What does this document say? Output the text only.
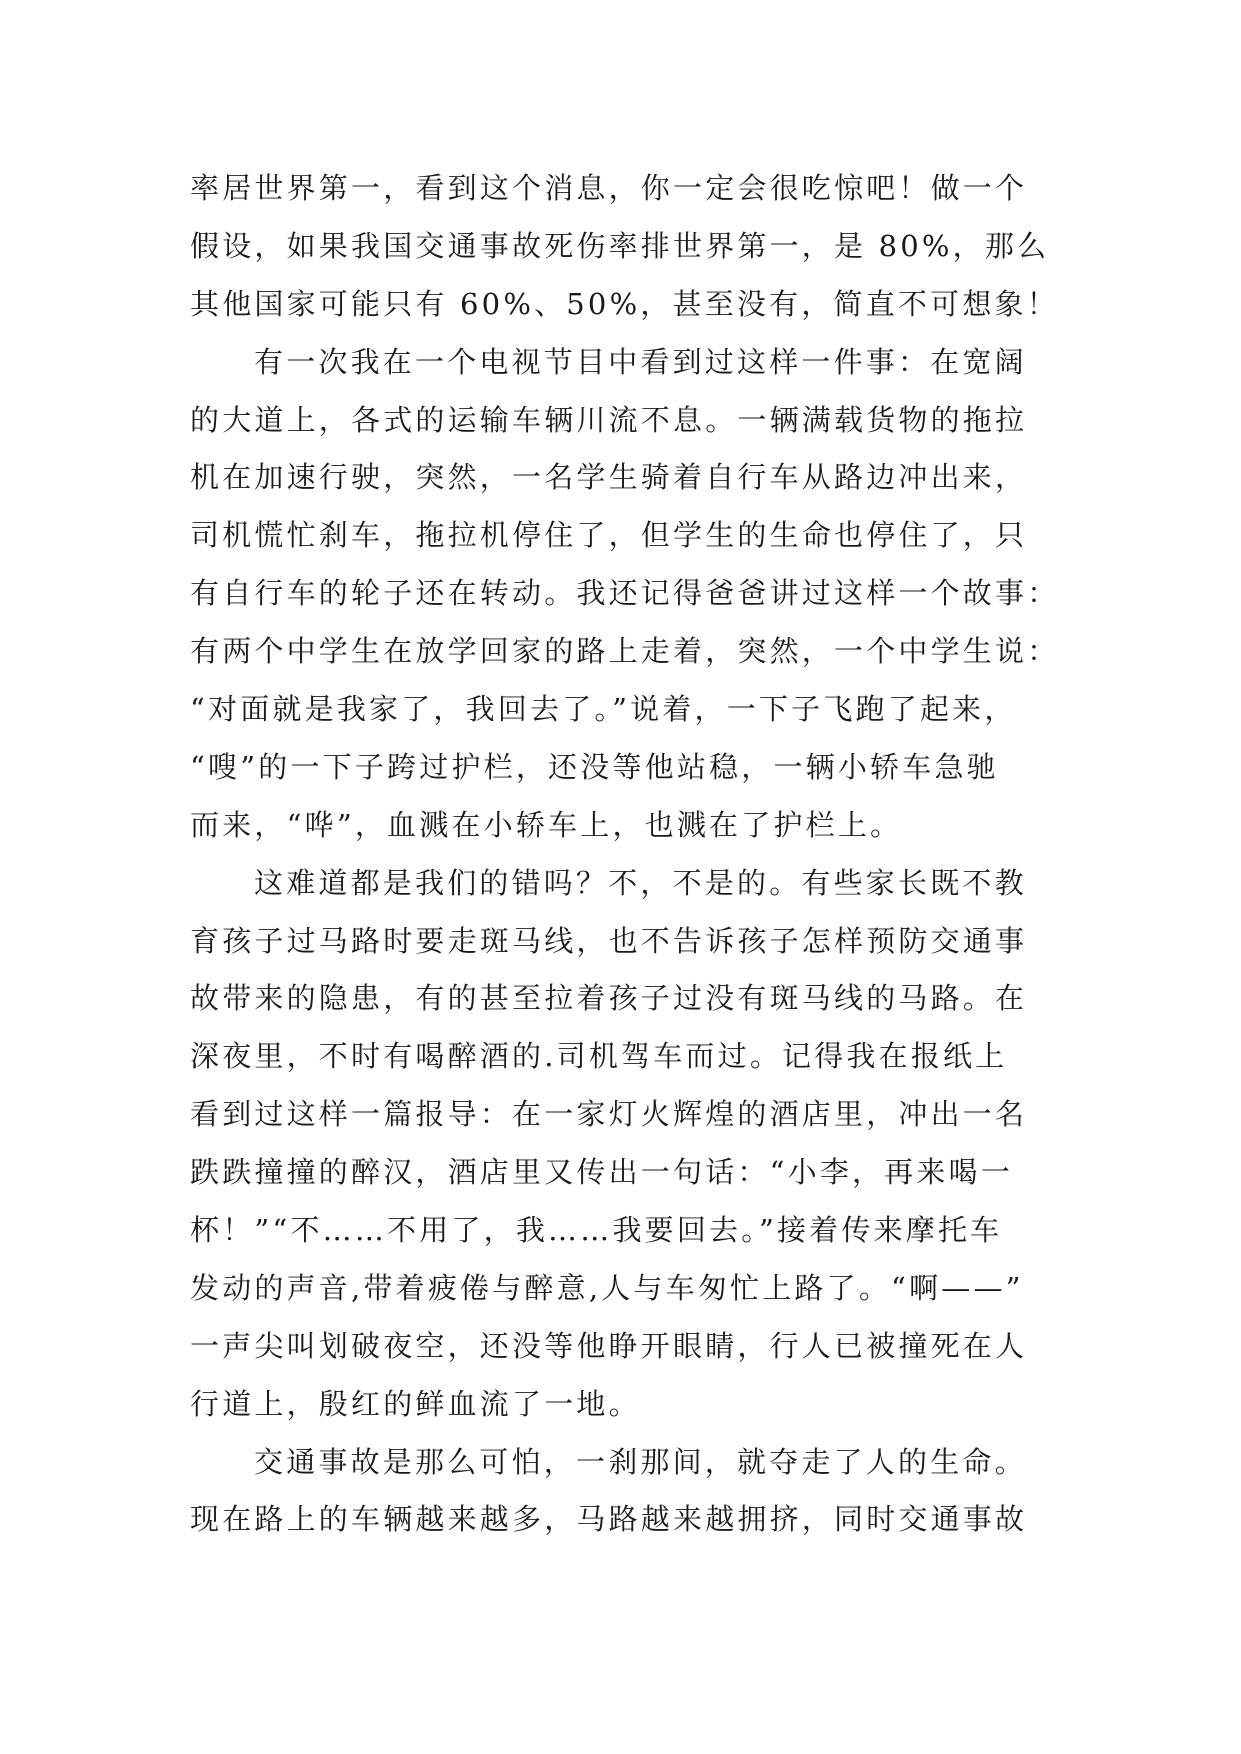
率居世界第一，看到这个消息，你一定会很吃惊吧！做一个
假设，如果我国交通事故死伤率排世界第一，是 80%，那么
其他国家可能只有 60%、50%，甚至没有，简直不可想象！
有一次我在一个电视节目中看到过这样一件事：在宽阔
的大道上，各式的运输车辆川流不息。一辆满载货物的拖拉
机在加速行驶，突然，一名学生骑着自行车从路边冲出来，
司机慌忙刹车，拖拉机停住了，但学生的生命也停住了，只
有自行车的轮子还在转动。我还记得爸爸讲过这样一个故事：
有两个中学生在放学回家的路上走着，突然，一个中学生说：
“对面就是我家了，我回去了。”说着，一下子飞跑了起来，
“嗖”的一下子跨过护栏，还没等他站稳，一辆小轿车急驰
而来，“哗”，血溅在小轿车上，也溅在了护栏上。
这难道都是我们的错吗？不，不是的。有些家长既不教
育孩子过马路时要走斑马线，也不告诉孩子怎样预防交通事
故带来的隐患，有的甚至拉着孩子过没有斑马线的马路。在
深夜里，不时有喝醉酒的.司机驾车而过。记得我在报纸上
看到过这样一篇报导：在一家灯火辉煌的酒店里，冲出一名
跌跌撞撞的醉汉，酒店里又传出一句话：“小李，再来喝一
杯！”“不……不用了，我……我要回去。”接着传来摩托车
发动的声音,带着疲倦与醉意,人与车匆忙上路了。“啊——”
一声尖叫划破夜空，还没等他睁开眼睛，行人已被撞死在人
行道上，殷红的鲜血流了一地。
交通事故是那么可怕，一刹那间，就夺走了人的生命。
现在路上的车辆越来越多，马路越来越拥挤，同时交通事故
